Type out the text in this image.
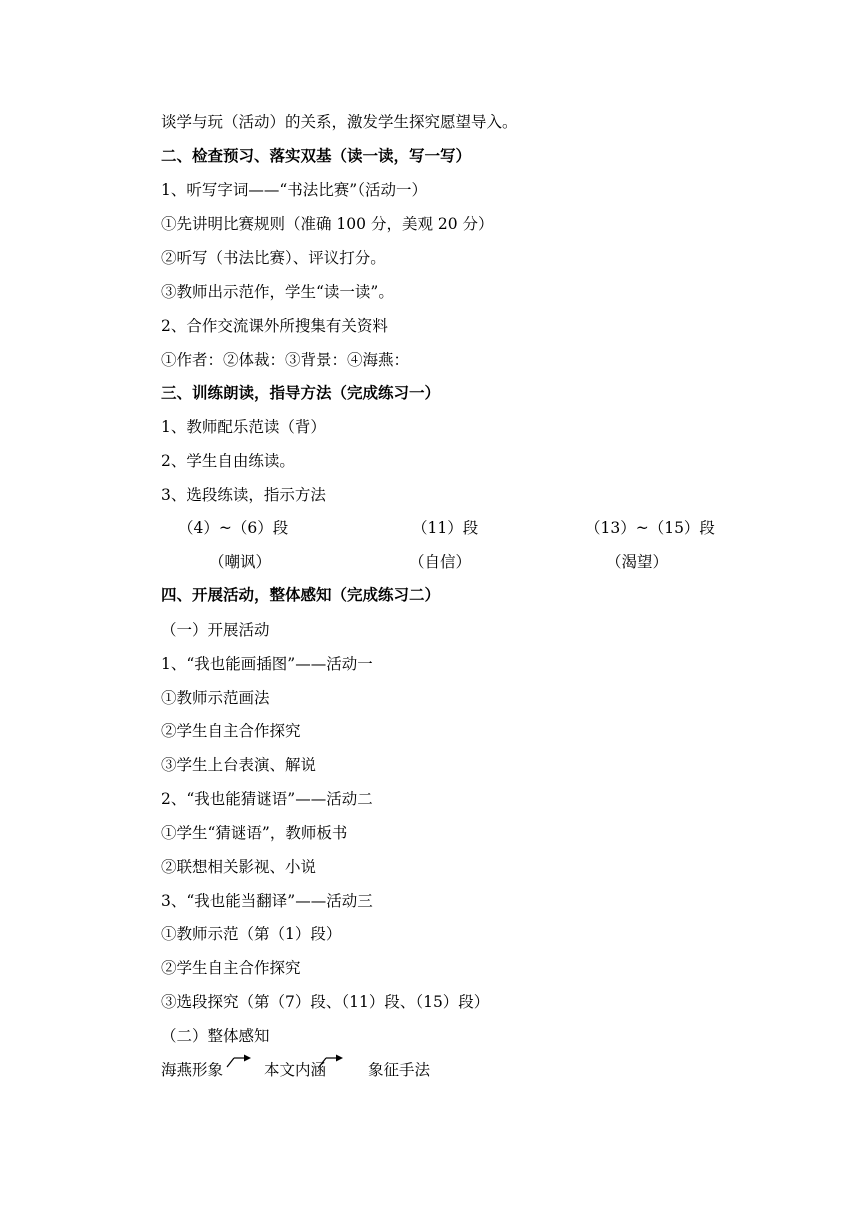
谈学与玩（活动）的关系，激发学生探究愿望导入。
二、检查预习、落实双基（读一读，写一写）
1、听写字词——“书法比赛”（活动一）
①先讲明比赛规则（准确 100 分，美观 20 分）
②听写（书法比赛）、评议打分。
③教师出示范作，学生“读一读”。
2、合作交流课外所搜集有关资料
①作者：②体裁：③背景：④海燕：
三、训练朗读，指导方法（完成练习一）
1、教师配乐范读（背）
2、学生自由练读。
3、选段练读，指示方法
（4）~（6）段	（11）段	（13）~（15）段
（嘲讽）	（自信）	（渴望）
四、开展活动，整体感知（完成练习二）
（一）开展活动
1、“我也能画插图”——活动一
①教师示范画法
②学生自主合作探究
③学生上台表演、解说
2、“我也能猜谜语”——活动二
①学生“猜谜语”，教师板书
②联想相关影视、小说
3、“我也能当翻译”——活动三
①教师示范（第（1）段）
②学生自主合作探究
③选段探究（第（7）段、（11）段、（15）段）
（二）整体感知
海燕形象	本文内涵	象征手法
